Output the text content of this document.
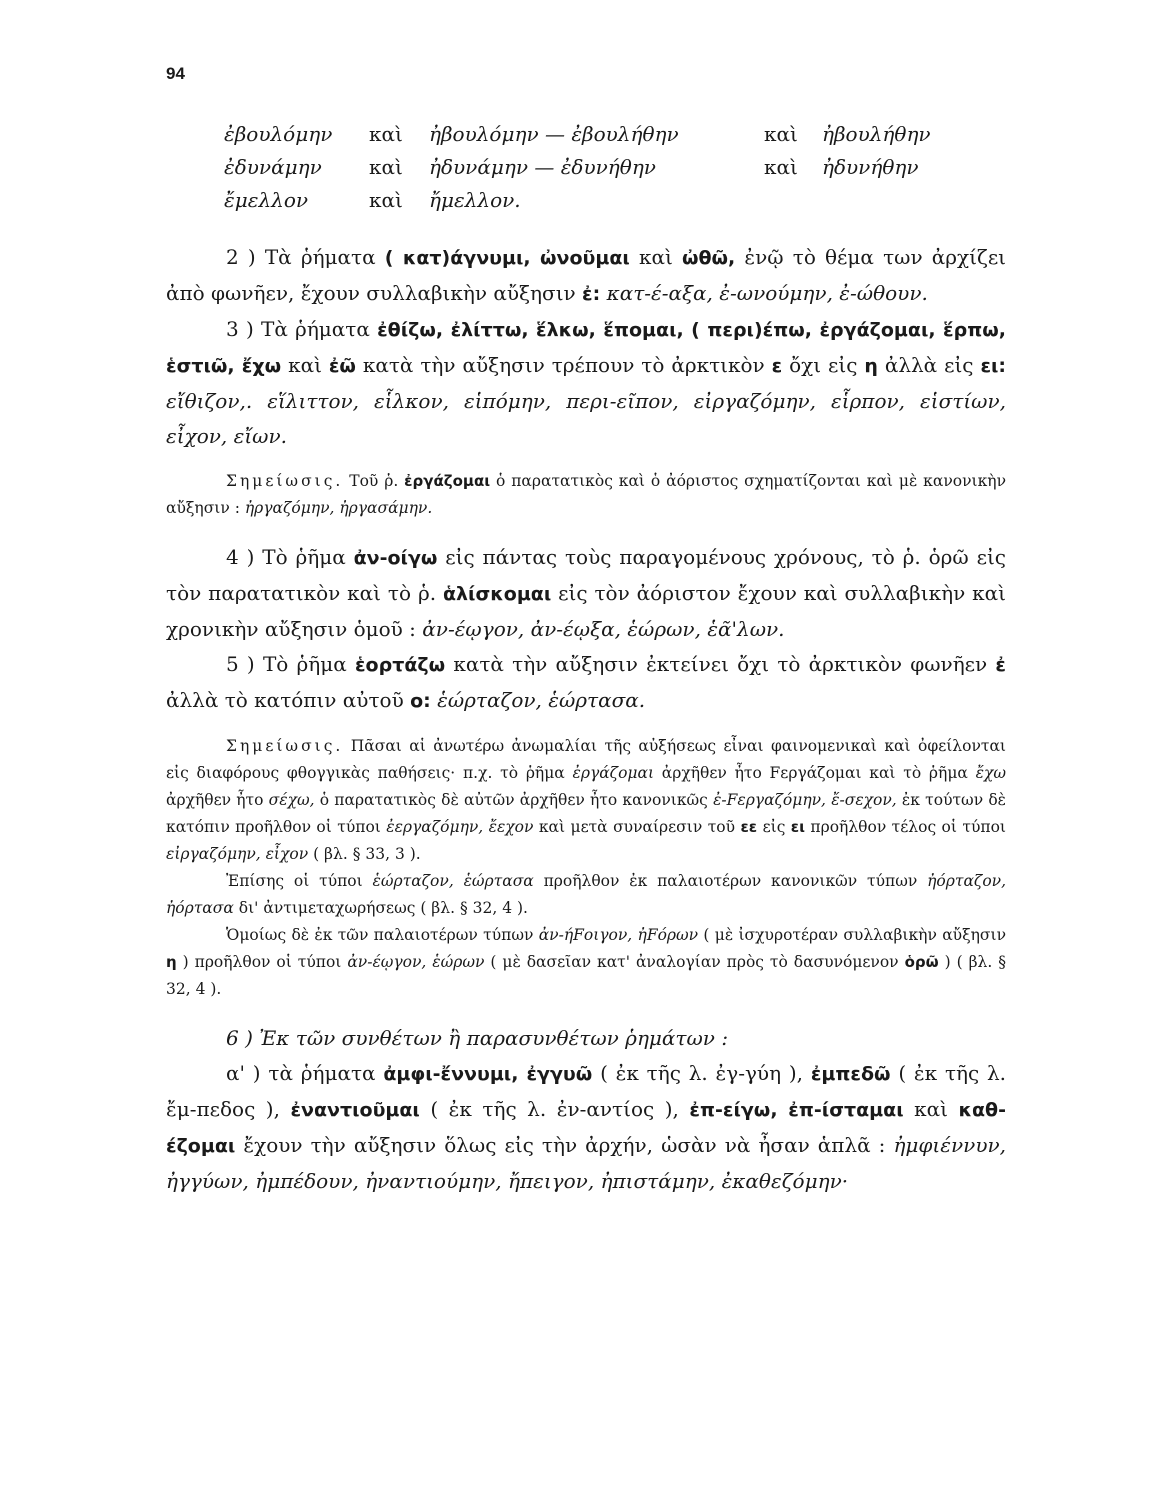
94
ἐβουλόμην	καὶ	ἠβουλόμην — ἐβουλήθην	καὶ	ἠβουλήθην
ἐδυνάμην	καὶ	ἠδυνάμην — ἐδυνήθην	καὶ	ἠδυνήθην
ἔμελλον	καὶ	ἤμελλον.

2 ) Τὰ ῥήματα ( κατ)άγνυμι, ὠνοῦμαι καὶ ὠθῶ, ἐνῷ τὸ θέμα των ἀρχίζει ἀπὸ φωνῆεν, ἔχουν συλλαβικὴν αὔξησιν ἐ: κατ-έ-αξα, ἐ-ωνούμην, ἐ-ώθουν.

3 ) Τὰ ῥήματα ἐθίζω, ἐλίττω, ἕλκω, ἕπομαι, ( περι)έπω, ἐργάζομαι, ἕρπω, ἑστιῶ, ἔχω καὶ ἐῶ κατὰ τὴν αὔξησιν τρέπουν τὸ ἀρκτικὸν ε ὄχι εἰς η ἀλλὰ εἰς ει: εἴθιζον,. εἵλιττον, εἷλκον, εἱπόμην, περι-εῖπον, εἰργαζόμην, εἷρπον, εἱστίων, εἶχον, εἴων.

Σημείωσις. Τοῦ ῥ. ἐργάζομαι ὁ παρατατικὸς καὶ ὁ ἀόριστος σχηματίζονται καὶ μὲ κανονικὴν αὔξησιν : ἠργαζόμην, ἠργασάμην.

4 ) Τὸ ῥῆμα ἀν-οίγω εἰς πάντας τοὺς παραγομένους χρόνους, τὸ ῥ. ὁρῶ εἰς τὸν παρατατικὸν καὶ τὸ ῥ. ἁλίσκομαι εἰς τὸν ἀόριστον ἔχουν καὶ συλλαβικὴν καὶ χρονικὴν αὔξησιν ὁμοῦ : ἀν-έῳγον, ἀν-έῳξα, ἑώρων, ἑᾶ'λων.

5 ) Τὸ ῥῆμα ἑορτάζω κατὰ τὴν αὔξησιν ἐκτείνει ὄχι τὸ ἀρκτικὸν φωνῆεν ἐ ἀλλὰ τὸ κατόπιν αὐτοῦ ο: ἑώρταζον, ἑώρτασα.

Σημείωσις. Πᾶσαι αἱ ἀνωτέρω ἀνωμαλίαι τῆς αὐξήσεως εἶναι φαινομενικαὶ καὶ ὀφείλονται εἰς διαφόρους φθογγικὰς παθήσεις· π.χ. τὸ ῥῆμα ἐργάζομαι ἀρχῆθεν ἦτο Fεργάζομαι καὶ τὸ ῥῆμα ἔχω ἀρχῆθεν ἦτο σέχω, ὁ παρατατικὸς δὲ αὐτῶν ἀρχῆθεν ἦτο κανονικῶς ἐ-Fεργαζόμην, ἔ-σεχον, ἐκ τούτων δὲ κατόπιν προῆλθον οἱ τύποι ἐεργαζόμην, ἔεχον καὶ μετὰ συναίρεσιν τοῦ εε εἰς ει προῆλθον τέλος οἱ τύποι εἰργαζόμην, εἶχον ( βλ. § 33, 3 ).

Ἐπίσης οἱ τύποι ἑώρταζον, ἑώρτασα προῆλθον ἐκ παλαιοτέρων κανονικῶν τύπων ἠόρταζον, ἠόρτασα δι' ἀντιμεταχωρήσεως ( βλ. § 32, 4 ).

Ὁμοίως δὲ ἐκ τῶν παλαιοτέρων τύπων ἀν-ήFοιγον, ἠFόρων ( μὲ ἰσχυροτέραν συλλαβικὴν αὔξησιν η ) προῆλθον οἱ τύποι ἀν-έῳγον, ἑώρων ( μὲ δασεῖαν κατ' ἀναλογίαν πρὸς τὸ δασυνόμενον ὁρῶ ) ( βλ. § 32, 4 ).

6 ) Ἐκ τῶν συνθέτων ἢ παρασυνθέτων ῥημάτων :

α' ) τὰ ῥήματα ἀμφι-ἔννυμι, ἐγγυῶ ( ἐκ τῆς λ. ἐγ-γύη ), ἐμπεδῶ ( ἐκ τῆς λ. ἔμ-πεδος ), ἐναντιοῦμαι ( ἐκ τῆς λ. ἐν-αντίος ), ἐπ-είγω, ἐπ-ίσταμαι καὶ καθ-έζομαι ἔχουν τὴν αὔξησιν ὅλως εἰς τὴν ἀρχήν, ὡσὰν νὰ ἦσαν ἁπλᾶ : ἠμφιέννυν, ἠγγύων, ἠμπέδουν, ἠναντιούμην, ἤπειγον, ἠπιστάμην, ἐκαθεζόμην·
